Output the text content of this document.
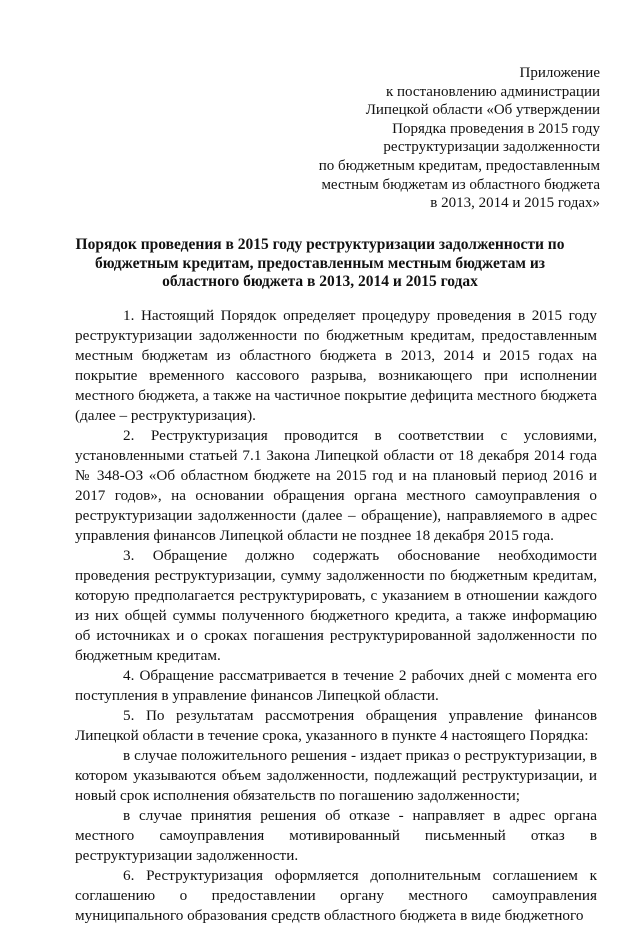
Приложение
к постановлению администрации
Липецкой области «Об утверждении
Порядка проведения в 2015 году
реструктуризации задолженности
по бюджетным кредитам, предоставленным
местным бюджетам из областного бюджета
в 2013, 2014 и 2015 годах»
Порядок проведения в 2015 году реструктуризации задолженности по бюджетным кредитам, предоставленным местным бюджетам из областного бюджета в 2013, 2014 и 2015 годах

1. Настоящий Порядок определяет процедуру проведения в 2015 году реструктуризации задолженности по бюджетным кредитам, предоставленным местным бюджетам из областного бюджета в 2013, 2014 и 2015 годах на покрытие временного кассового разрыва, возникающего при исполнении местного бюджета, а также на частичное покрытие дефицита местного бюджета (далее – реструктуризация).

2. Реструктуризация проводится в соответствии с условиями, установленными статьей 7.1 Закона Липецкой области от 18 декабря 2014 года № 348-ОЗ «Об областном бюджете на 2015 год и на плановый период 2016 и 2017 годов», на основании обращения органа местного самоуправления о реструктуризации задолженности (далее – обращение), направляемого в адрес управления финансов Липецкой области не позднее 18 декабря 2015 года.

3. Обращение должно содержать обоснование необходимости проведения реструктуризации, сумму задолженности по бюджетным кредитам, которую предполагается реструктурировать, с указанием в отношении каждого из них общей суммы полученного бюджетного кредита, а также информацию об источниках и о сроках погашения реструктурированной задолженности по бюджетным кредитам.

4. Обращение рассматривается в течение 2 рабочих дней с момента его поступления в управление финансов Липецкой области.

5. По результатам рассмотрения обращения управление финансов Липецкой области в течение срока, указанного в пункте 4 настоящего Порядка:

в случае положительного решения - издает приказ о реструктуризации, в котором указываются объем задолженности, подлежащий реструктуризации, и новый срок исполнения обязательств по погашению задолженности;

в случае принятия решения об отказе - направляет в адрес органа местного самоуправления мотивированный письменный отказ в реструктуризации задолженности.

6. Реструктуризация оформляется дополнительным соглашением к соглашению о предоставлении органу местного самоуправления муниципального образования средств областного бюджета в виде бюджетного
